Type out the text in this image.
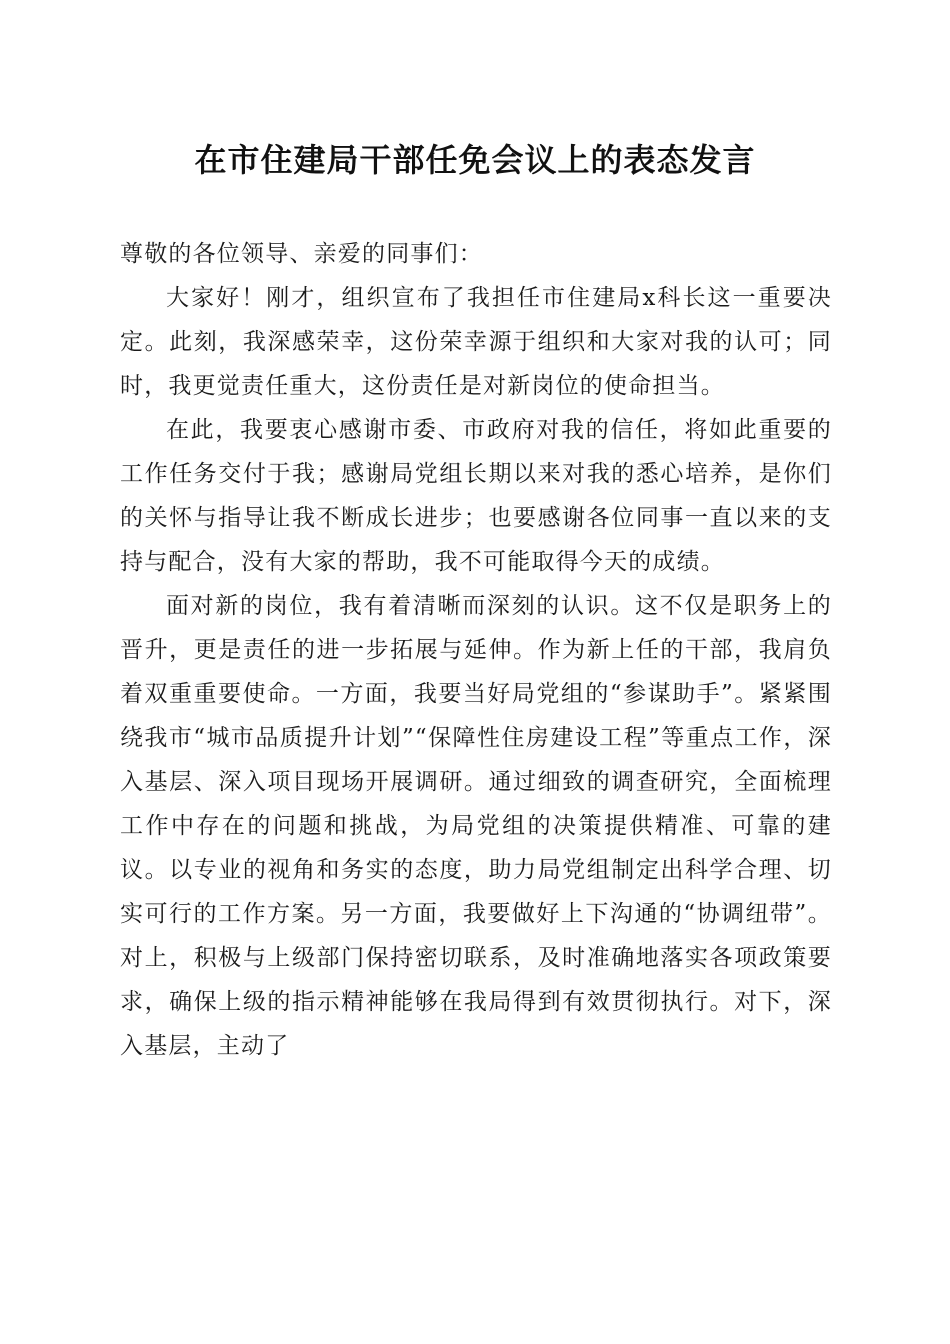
在市住建局干部任免会议上的表态发言

尊敬的各位领导、亲爱的同事们：

大家好！刚才，组织宣布了我担任市住建局x科长这一重要决定。此刻，我深感荣幸，这份荣幸源于组织和大家对我的认可；同时，我更觉责任重大，这份责任是对新岗位的使命担当。

在此，我要衷心感谢市委、市政府对我的信任，将如此重要的工作任务交付于我；感谢局党组长期以来对我的悉心培养，是你们的关怀与指导让我不断成长进步；也要感谢各位同事一直以来的支持与配合，没有大家的帮助，我不可能取得今天的成绩。

面对新的岗位，我有着清晰而深刻的认识。这不仅是职务上的晋升，更是责任的进一步拓展与延伸。作为新上任的干部，我肩负着双重重要使命。一方面，我要当好局党组的“参谋助手”。紧紧围绕我市“城市品质提升计划”“保障性住房建设工程”等重点工作，深入基层、深入项目现场开展调研。通过细致的调查研究，全面梳理工作中存在的问题和挑战，为局党组的决策提供精准、可靠的建议。以专业的视角和务实的态度，助力局党组制定出科学合理、切实可行的工作方案。另一方面，我要做好上下沟通的“协调纽带”。对上，积极与上级部门保持密切联系，及时准确地落实各项政策要求，确保上级的指示精神能够在我局得到有效贯彻执行。对下，深入基层，主动了
